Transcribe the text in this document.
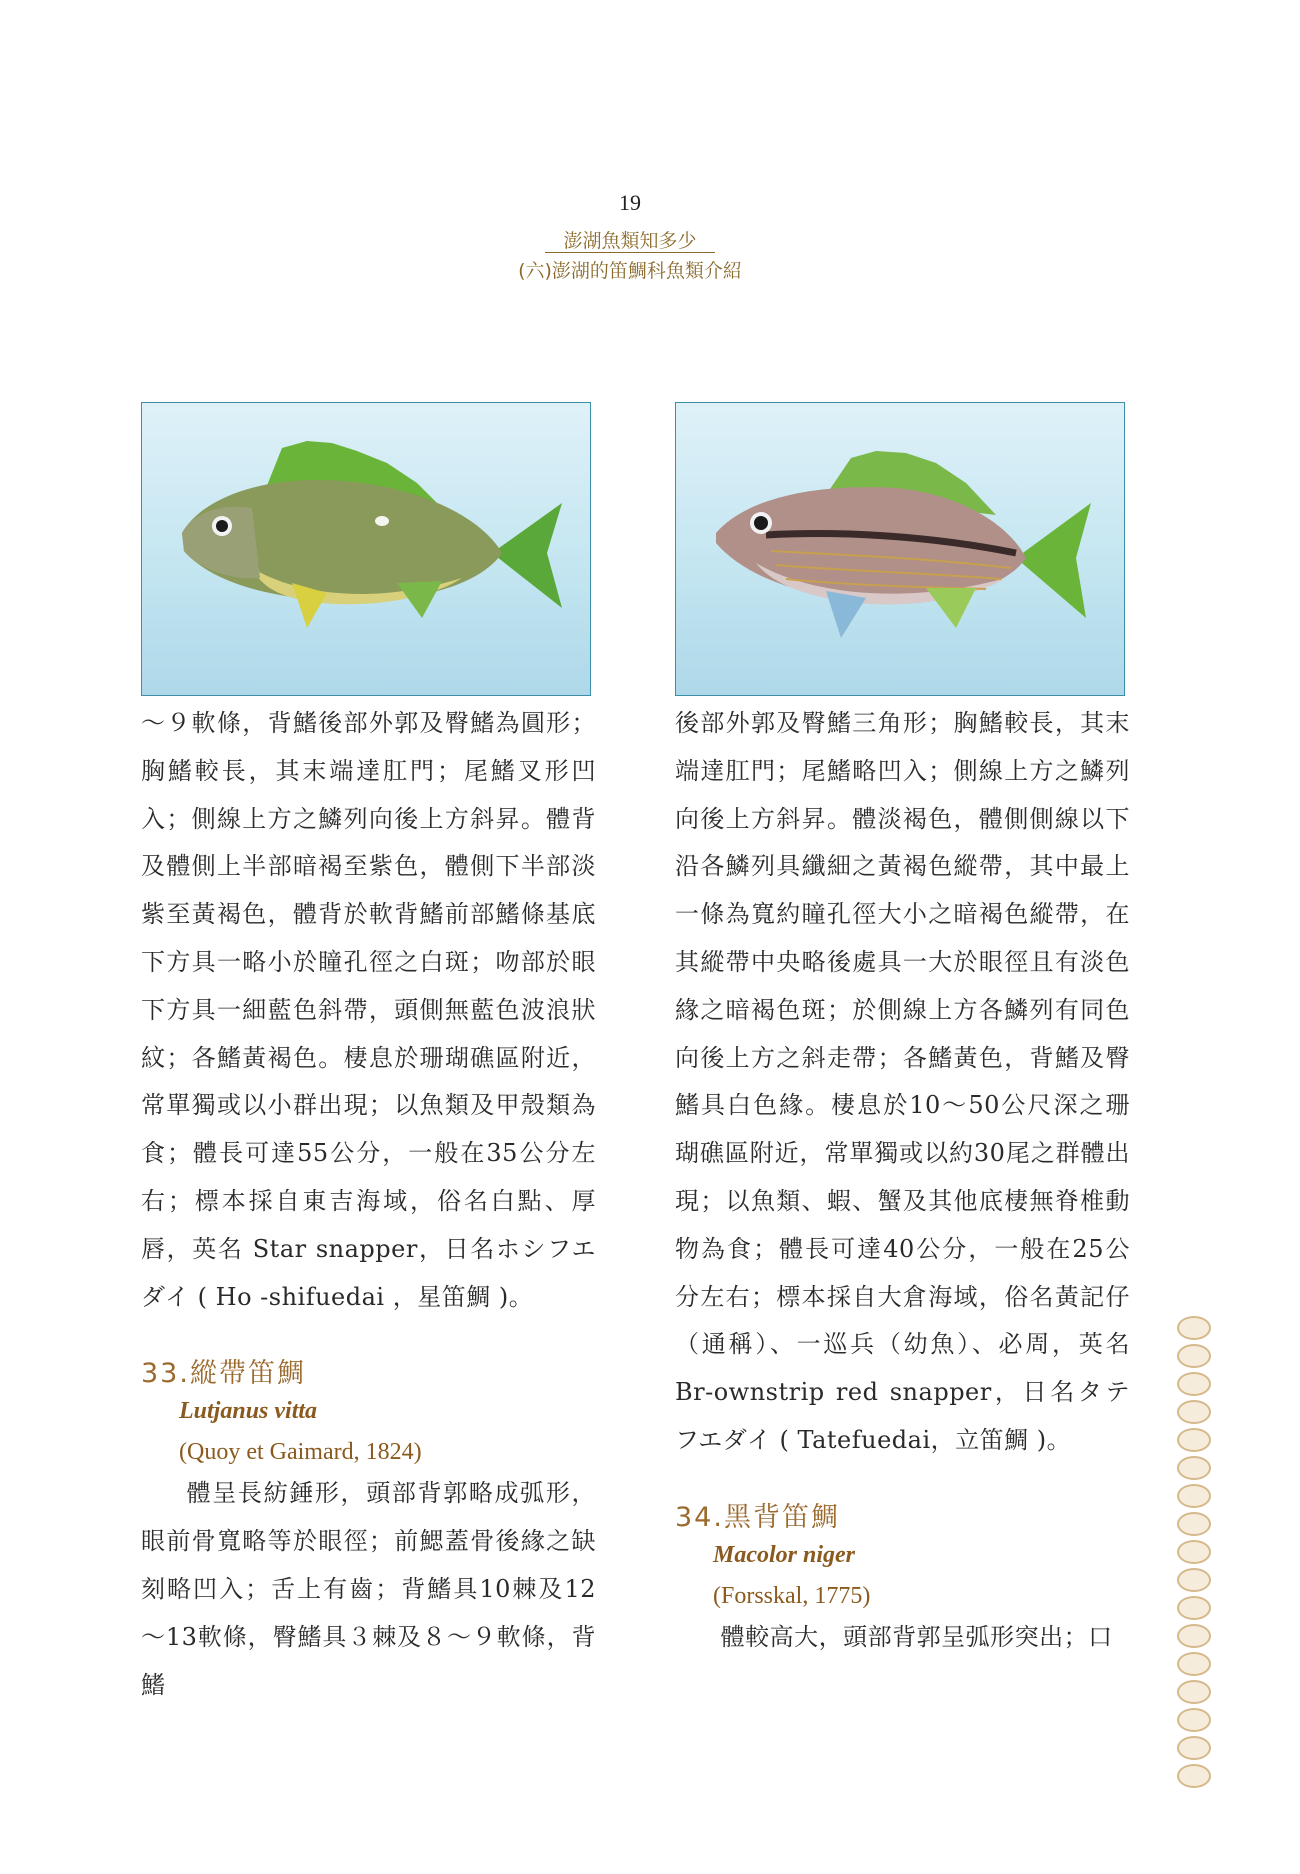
19
澎湖魚類知多少
(六)澎湖的笛鯛科魚類介紹

～９軟條，背鰭後部外郭及臀鰭為圓形；胸鰭較長，其末端達肛門；尾鰭叉形凹入；側線上方之鱗列向後上方斜昇。體背及體側上半部暗褐至紫色，體側下半部淡紫至黃褐色，體背於軟背鰭前部鰭條基底下方具一略小於瞳孔徑之白斑；吻部於眼下方具一細藍色斜帶，頭側無藍色波浪狀紋；各鰭黃褐色。棲息於珊瑚礁區附近，常單獨或以小群出現；以魚類及甲殼類為食；體長可達55公分，一般在35公分左右；標本採自東吉海域，俗名白點、厚唇，英名 Star snapper，日名ホシフエダイ ( Ho -shifuedai ，星笛鯛 )。

33.縱帶笛鯛
Lutjanus vitta
(Quoy et Gaimard, 1824)

體呈長紡錘形，頭部背郭略成弧形，眼前骨寬略等於眼徑；前鰓蓋骨後緣之缺刻略凹入；舌上有齒；背鰭具10棘及12～13軟條，臀鰭具３棘及８～９軟條，背鰭

後部外郭及臀鰭三角形；胸鰭較長，其末端達肛門；尾鰭略凹入；側線上方之鱗列向後上方斜昇。體淡褐色，體側側線以下沿各鱗列具纖細之黃褐色縱帶，其中最上一條為寬約瞳孔徑大小之暗褐色縱帶，在其縱帶中央略後處具一大於眼徑且有淡色緣之暗褐色斑；於側線上方各鱗列有同色向後上方之斜走帶；各鰭黃色，背鰭及臀鰭具白色緣。棲息於10～50公尺深之珊瑚礁區附近，常單獨或以約30尾之群體出現；以魚類、蝦、蟹及其他底棲無脊椎動物為食；體長可達40公分，一般在25公分左右；標本採自大倉海域，俗名黃記仔（通稱）、一巡兵（幼魚）、必周，英名 Br-ownstrip red snapper，日名タテフエダイ ( Tatefuedai，立笛鯛 )。

34.黑背笛鯛
Macolor niger
(Forsskal, 1775)

體較高大，頭部背郭呈弧形突出；口
